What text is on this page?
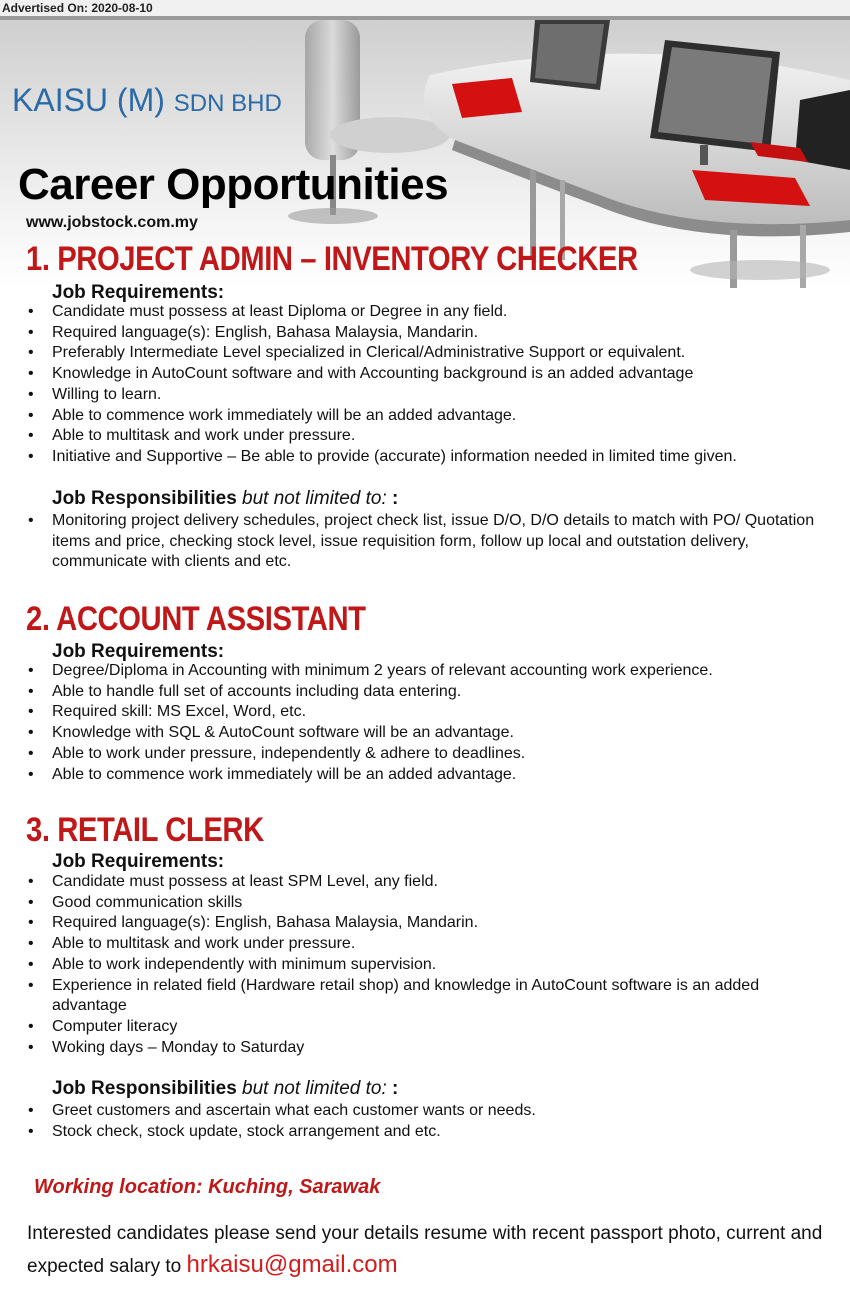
Advertised On: 2020-08-10
KAISU (M) SDN BHD
Career Opportunities
www.jobstock.com.my
1. PROJECT ADMIN – INVENTORY CHECKER
Job Requirements:
• Candidate must possess at least Diploma or Degree in any field.
• Required language(s): English, Bahasa Malaysia, Mandarin.
• Preferably Intermediate Level specialized in Clerical/Administrative Support or equivalent.
• Knowledge in AutoCount software and with Accounting background is an added advantage
• Willing to learn.
• Able to commence work immediately will be an added advantage.
• Able to multitask and work under pressure.
• Initiative and Supportive – Be able to provide (accurate) information needed in limited time given.
Job Responsibilities but not limited to: :
• Monitoring project delivery schedules, project check list, issue D/O, D/O details to match with PO/ Quotation items and price, checking stock level, issue requisition form, follow up local and outstation delivery, communicate with clients and etc.
2. ACCOUNT ASSISTANT
Job Requirements:
• Degree/Diploma in Accounting with minimum 2 years of relevant accounting work experience.
• Able to handle full set of accounts including data entering.
• Required skill: MS Excel, Word, etc.
• Knowledge with SQL & AutoCount software will be an advantage.
• Able to work under pressure, independently & adhere to deadlines.
• Able to commence work immediately will be an added advantage.
3. RETAIL CLERK
Job Requirements:
• Candidate must possess at least SPM Level, any field.
• Good communication skills
• Required language(s): English, Bahasa Malaysia, Mandarin.
• Able to multitask and work under pressure.
• Able to work independently with minimum supervision.
• Experience in related field (Hardware retail shop) and knowledge in AutoCount software is an added advantage
• Computer literacy
• Woking days – Monday to Saturday
Job Responsibilities but not limited to: :
• Greet customers and ascertain what each customer wants or needs.
• Stock check, stock update, stock arrangement and etc.
Working location: Kuching, Sarawak
Interested candidates please send your details resume with recent passport photo, current and expected salary to hrkaisu@gmail.com
